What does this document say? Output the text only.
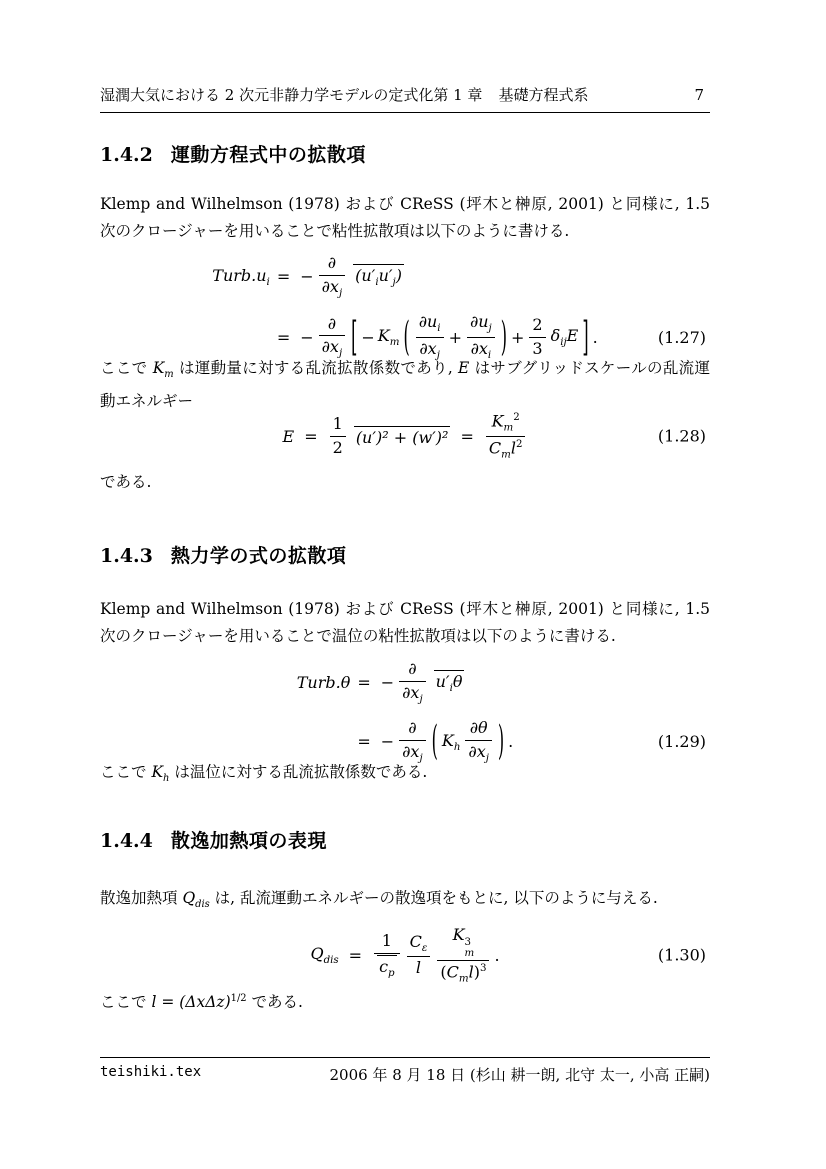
湿潤大気における 2 次元非静力学モデルの定式化 第 1 章 基礎方程式系	7
1.4.2 運動方程式中の拡散項
Klemp and Wilhelmson (1978) および CReSS (坪木と榊原, 2001) と同様に, 1.5 次のクロージャーを用いることで粘性拡散項は以下のように書ける.
$Turb.u_i$ = − $\frac{\partial}{\partial x_j} (u'_iu'_j)$
= − $\frac{\partial}{\partial x_j}$ [ − $K_m$ ( $\frac{\partial u_i}{\partial x_j} + \frac{\partial u_j}{\partial x_i}$ ) + $\frac{2}{3} \delta_{ij}E$ ] .	(1.27)
ここで $K_m$ は運動量に対する乱流拡散係数であり, E はサブグリッドスケールの乱流運動エネルギー
$E = \frac{1}{2} (u')^2 + (w')^2 = \frac{K_m^2}{C_ml^2}$	(1.28)
である.
1.4.3 熱力学の式の拡散項
Klemp and Wilhelmson (1978) および CReSS (坪木と榊原, 2001) と同様に, 1.5 次のクロージャーを用いることで温位の粘性拡散項は以下のように書ける.
Turb.θ = − $\frac{\partial}{\partial x_j} u'_i\theta$
= − $\frac{\partial}{\partial x_j}$ ( $K_h \frac{\partial\theta}{\partial x_j}$ ) .	(1.29)
ここで $K_h$ は温位に対する乱流拡散係数である.
1.4.4 散逸加熱項の表現
散逸加熱項 $Q_{dis}$ は, 乱流運動エネルギーの散逸項をもとに, 以下のように与える.
$Q_{dis} = \frac{1}{c_p} \frac{C_\varepsilon}{l}$ K 3
m
$(C_ml)^3$ .	(1.30)
ここで $l = (\Delta x\Delta z)^{1/2}$ である.
teishiki.tex	2006 年 8 月 18 日 (杉山 耕一朗, 北守 太一, 小高 正嗣)
